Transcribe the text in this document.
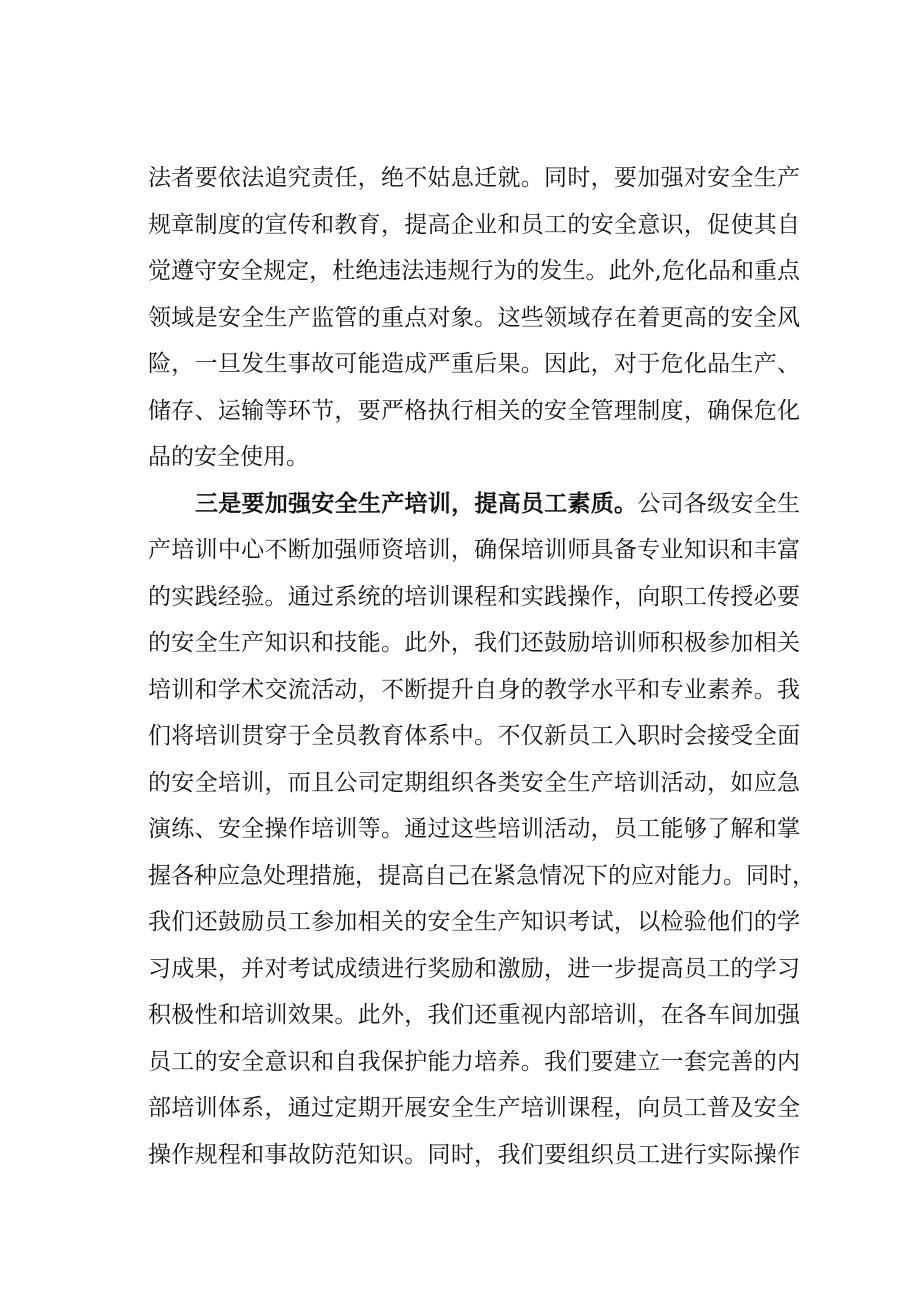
法者要依法追究责任，绝不姑息迁就。同时，要加强对安全生产
规章制度的宣传和教育，提高企业和员工的安全意识，促使其自
觉遵守安全规定，杜绝违法违规行为的发生。此外,危化品和重点
领域是安全生产监管的重点对象。这些领域存在着更高的安全风
险，一旦发生事故可能造成严重后果。因此，对于危化品生产、
储存、运输等环节，要严格执行相关的安全管理制度，确保危化
品的安全使用。
三是要加强安全生产培训，提高员工素质。公司各级安全生
产培训中心不断加强师资培训，确保培训师具备专业知识和丰富
的实践经验。通过系统的培训课程和实践操作，向职工传授必要
的安全生产知识和技能。此外，我们还鼓励培训师积极参加相关
培训和学术交流活动，不断提升自身的教学水平和专业素养。我
们将培训贯穿于全员教育体系中。不仅新员工入职时会接受全面
的安全培训，而且公司定期组织各类安全生产培训活动，如应急
演练、安全操作培训等。通过这些培训活动，员工能够了解和掌
握各种应急处理措施，提高自己在紧急情况下的应对能力。同时，
我们还鼓励员工参加相关的安全生产知识考试，以检验他们的学
习成果，并对考试成绩进行奖励和激励，进一步提高员工的学习
积极性和培训效果。此外，我们还重视内部培训，在各车间加强
员工的安全意识和自我保护能力培养。我们要建立一套完善的内
部培训体系，通过定期开展安全生产培训课程，向员工普及安全
操作规程和事故防范知识。同时，我们要组织员工进行实际操作
